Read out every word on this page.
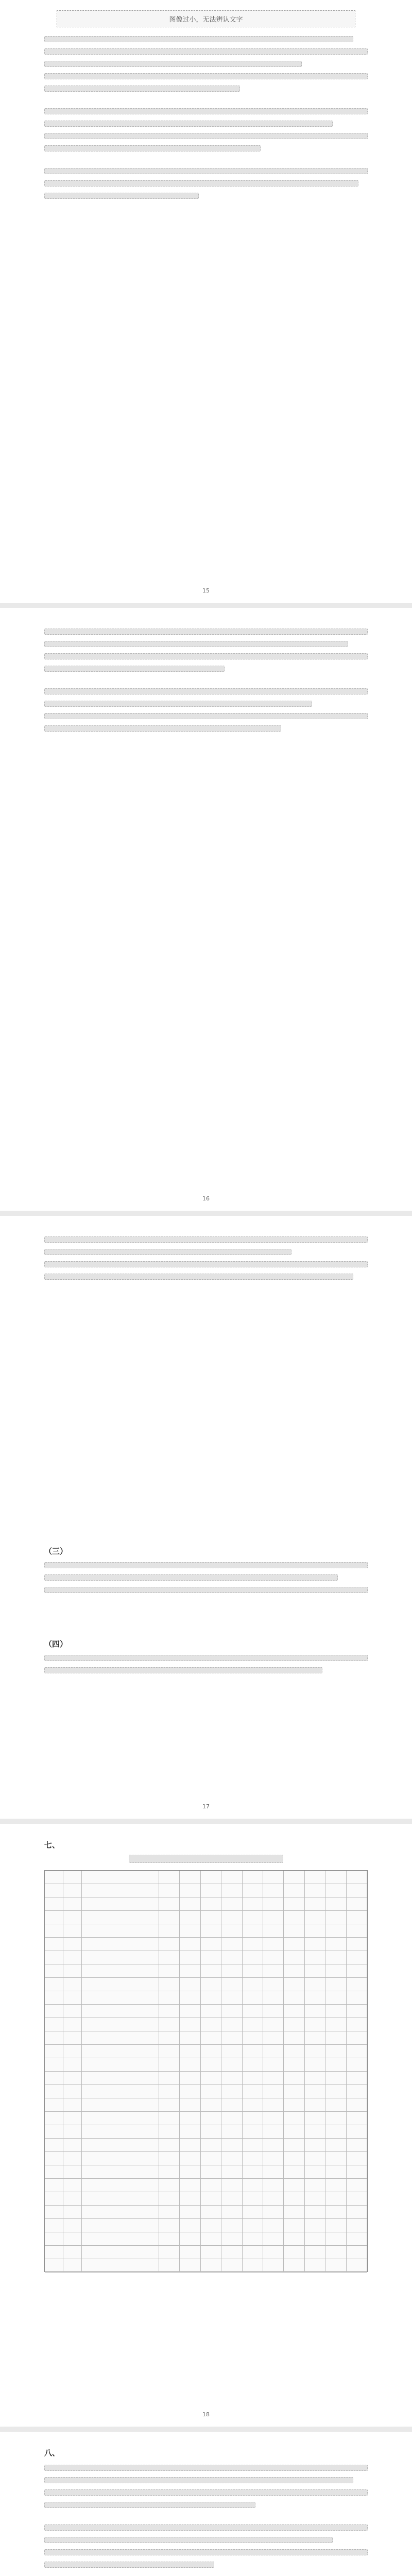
图像过小，无法辨认文字
15
16
（三）
（四）
17
七、
18
八、
